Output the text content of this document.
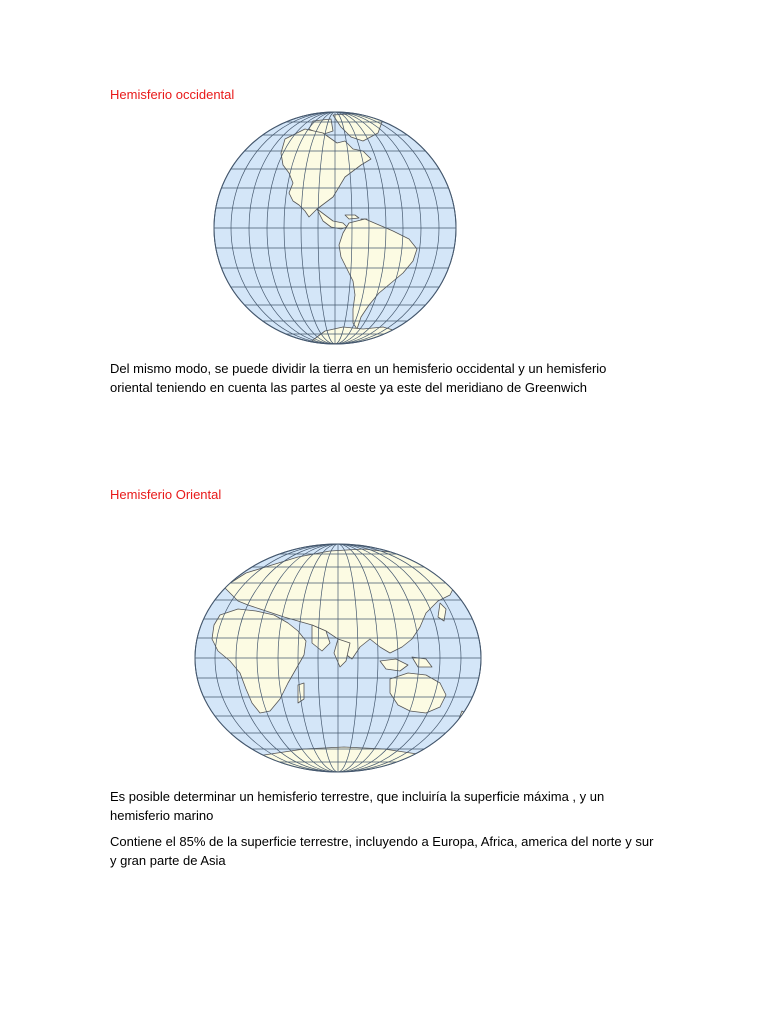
Hemisferio occidental

Del mismo modo, se puede dividir la tierra en un hemisferio occidental y un hemisferio

oriental teniendo en cuenta las partes al oeste ya este del meridiano de Greenwich

Hemisferio Oriental

Es posible determinar un hemisferio terrestre, que incluiría la superficie máxima , y un

hemisferio marino

Contiene el 85% de la superficie terrestre, incluyendo a Europa, Africa, america del norte y sur

y gran parte de Asia
